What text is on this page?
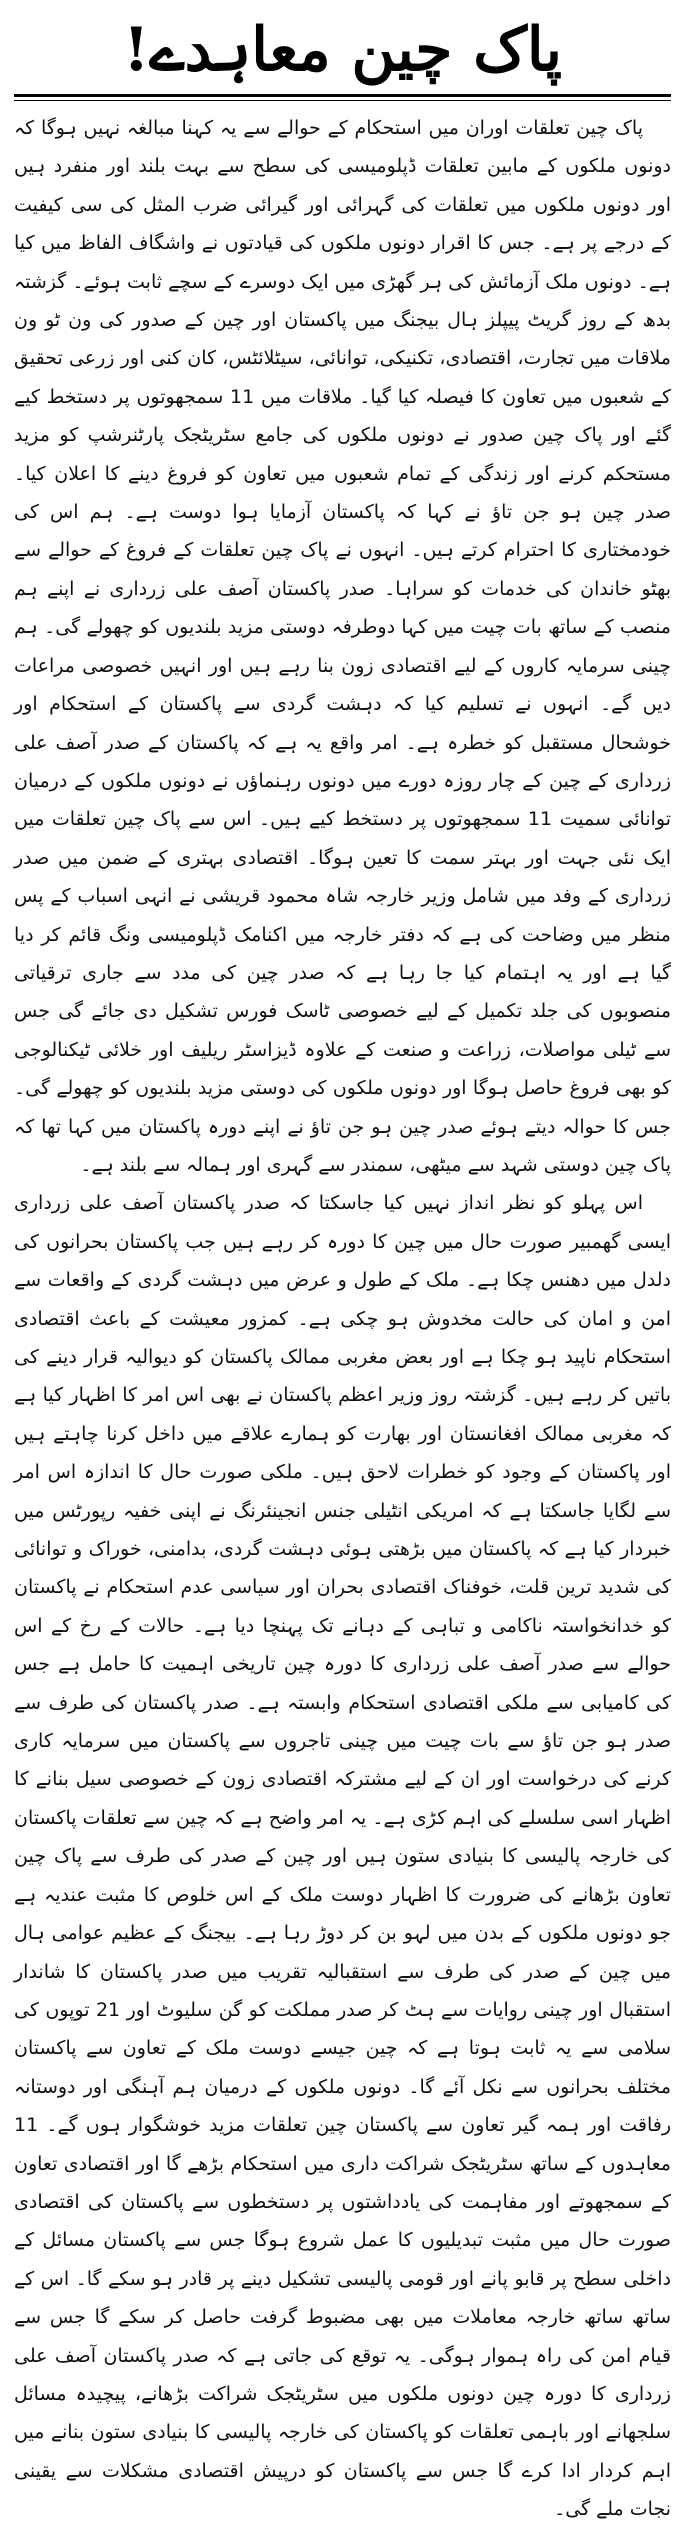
پاک چین معاہدے!

پاک چین تعلقات اوران میں استحکام کے حوالے سے یہ کہنا مبالغہ نہیں ہوگا کہ دونوں ملکوں کے مابین تعلقات ڈپلومیسی کی سطح سے بہت بلند اور منفرد ہیں اور دونوں ملکوں میں تعلقات کی گہرائی اور گیرائی ضرب المثل کی سی کیفیت کے درجے پر ہے۔ جس کا اقرار دونوں ملکوں کی قیادتوں نے واشگاف الفاظ میں کیا ہے۔ دونوں ملک آزمائش کی ہر گھڑی میں ایک دوسرے کے سچے ثابت ہوئے۔ گزشتہ بدھ کے روز گریٹ پیپلز ہال بیجنگ میں پاکستان اور چین کے صدور کی ون ٹو ون ملاقات میں تجارت، اقتصادی، تکنیکی، توانائی، سیٹلائٹس، کان کنی اور زرعی تحقیق کے شعبوں میں تعاون کا فیصلہ کیا گیا۔ ملاقات میں 11 سمجھوتوں پر دستخط کیے گئے اور پاک چین صدور نے دونوں ملکوں کی جامع سٹریٹجک پارٹنرشپ کو مزید مستحکم کرنے اور زندگی کے تمام شعبوں میں تعاون کو فروغ دینے کا اعلان کیا۔ صدر چین ہو جن تاؤ نے کہا کہ پاکستان آزمایا ہوا دوست ہے۔ ہم اس کی خودمختاری کا احترام کرتے ہیں۔ انہوں نے پاک چین تعلقات کے فروغ کے حوالے سے بھٹو خاندان کی خدمات کو سراہا۔ صدر پاکستان آصف علی زرداری نے اپنے ہم منصب کے ساتھ بات چیت میں کہا دوطرفہ دوستی مزید بلندیوں کو چھولے گی۔ ہم چینی سرمایہ کاروں کے لیے اقتصادی زون بنا رہے ہیں اور انہیں خصوصی مراعات دیں گے۔ انہوں نے تسلیم کیا کہ دہشت گردی سے پاکستان کے استحکام اور خوشحال مستقبل کو خطرہ ہے۔ امر واقع یہ ہے کہ پاکستان کے صدر آصف علی زرداری کے چین کے چار روزہ دورے میں دونوں رہنماؤں نے دونوں ملکوں کے درمیان توانائی سمیت 11 سمجھوتوں پر دستخط کیے ہیں۔ اس سے پاک چین تعلقات میں ایک نئی جہت اور بہتر سمت کا تعین ہوگا۔ اقتصادی بہتری کے ضمن میں صدر زرداری کے وفد میں شامل وزیر خارجہ شاہ محمود قریشی نے انہی اسباب کے پس منظر میں وضاحت کی ہے کہ دفتر خارجہ میں اکنامک ڈپلومیسی ونگ قائم کر دیا گیا ہے اور یہ اہتمام کیا جا رہا ہے کہ صدر چین کی مدد سے جاری ترقیاتی منصوبوں کی جلد تکمیل کے لیے خصوصی ٹاسک فورس تشکیل دی جائے گی جس سے ٹیلی مواصلات، زراعت و صنعت کے علاوہ ڈیزاسٹر ریلیف اور خلائی ٹیکنالوجی کو بھی فروغ حاصل ہوگا اور دونوں ملکوں کی دوستی مزید بلندیوں کو چھولے گی۔ جس کا حوالہ دیتے ہوئے صدر چین ہو جن تاؤ نے اپنے دورہ پاکستان میں کہا تھا کہ پاک چین دوستی شہد سے میٹھی، سمندر سے گہری اور ہمالہ سے بلند ہے۔

اس پہلو کو نظر انداز نہیں کیا جاسکتا کہ صدر پاکستان آصف علی زرداری ایسی گھمبیر صورت حال میں چین کا دورہ کر رہے ہیں جب پاکستان بحرانوں کی دلدل میں دھنس چکا ہے۔ ملک کے طول و عرض میں دہشت گردی کے واقعات سے امن و امان کی حالت مخدوش ہو چکی ہے۔ کمزور معیشت کے باعث اقتصادی استحکام ناپید ہو چکا ہے اور بعض مغربی ممالک پاکستان کو دیوالیہ قرار دینے کی باتیں کر رہے ہیں۔ گزشتہ روز وزیر اعظم پاکستان نے بھی اس امر کا اظہار کیا ہے کہ مغربی ممالک افغانستان اور بھارت کو ہمارے علاقے میں داخل کرنا چاہتے ہیں اور پاکستان کے وجود کو خطرات لاحق ہیں۔ ملکی صورت حال کا اندازہ اس امر سے لگایا جاسکتا ہے کہ امریکی انٹیلی جنس انجینئرنگ نے اپنی خفیہ رپورٹس میں خبردار کیا ہے کہ پاکستان میں بڑھتی ہوئی دہشت گردی، بدامنی، خوراک و توانائی کی شدید ترین قلت، خوفناک اقتصادی بحران اور سیاسی عدم استحکام نے پاکستان کو خدانخواستہ ناکامی و تباہی کے دہانے تک پہنچا دیا ہے۔ حالات کے رخ کے اس حوالے سے صدر آصف علی زرداری کا دورہ چین تاریخی اہمیت کا حامل ہے جس کی کامیابی سے ملکی اقتصادی استحکام وابستہ ہے۔ صدر پاکستان کی طرف سے صدر ہو جن تاؤ سے بات چیت میں چینی تاجروں سے پاکستان میں سرمایہ کاری کرنے کی درخواست اور ان کے لیے مشترکہ اقتصادی زون کے خصوصی سیل بنانے کا اظہار اسی سلسلے کی اہم کڑی ہے۔ یہ امر واضح ہے کہ چین سے تعلقات پاکستان کی خارجہ پالیسی کا بنیادی ستون ہیں اور چین کے صدر کی طرف سے پاک چین تعاون بڑھانے کی ضرورت کا اظہار دوست ملک کے اس خلوص کا مثبت عندیہ ہے جو دونوں ملکوں کے بدن میں لہو بن کر دوڑ رہا ہے۔ بیجنگ کے عظیم عوامی ہال میں چین کے صدر کی طرف سے استقبالیہ تقریب میں صدر پاکستان کا شاندار استقبال اور چینی روایات سے ہٹ کر صدر مملکت کو گن سلیوٹ اور 21 توپوں کی سلامی سے یہ ثابت ہوتا ہے کہ چین جیسے دوست ملک کے تعاون سے پاکستان مختلف بحرانوں سے نکل آئے گا۔ دونوں ملکوں کے درمیان ہم آہنگی اور دوستانہ رفاقت اور ہمہ گیر تعاون سے پاکستان چین تعلقات مزید خوشگوار ہوں گے۔ 11 معاہدوں کے ساتھ سٹریٹجک شراکت داری میں استحکام بڑھے گا اور اقتصادی تعاون کے سمجھوتے اور مفاہمت کی یادداشتوں پر دستخطوں سے پاکستان کی اقتصادی صورت حال میں مثبت تبدیلیوں کا عمل شروع ہوگا جس سے پاکستان مسائل کے داخلی سطح پر قابو پانے اور قومی پالیسی تشکیل دینے پر قادر ہو سکے گا۔ اس کے ساتھ ساتھ خارجہ معاملات میں بھی مضبوط گرفت حاصل کر سکے گا جس سے قیام امن کی راہ ہموار ہوگی۔ یہ توقع کی جاتی ہے کہ صدر پاکستان آصف علی زرداری کا دورہ چین دونوں ملکوں میں سٹریٹجک شراکت بڑھانے، پیچیدہ مسائل سلجھانے اور باہمی تعلقات کو پاکستان کی خارجہ پالیسی کا بنیادی ستون بنانے میں اہم کردار ادا کرے گا جس سے پاکستان کو درپیش اقتصادی مشکلات سے یقینی نجات ملے گی۔
